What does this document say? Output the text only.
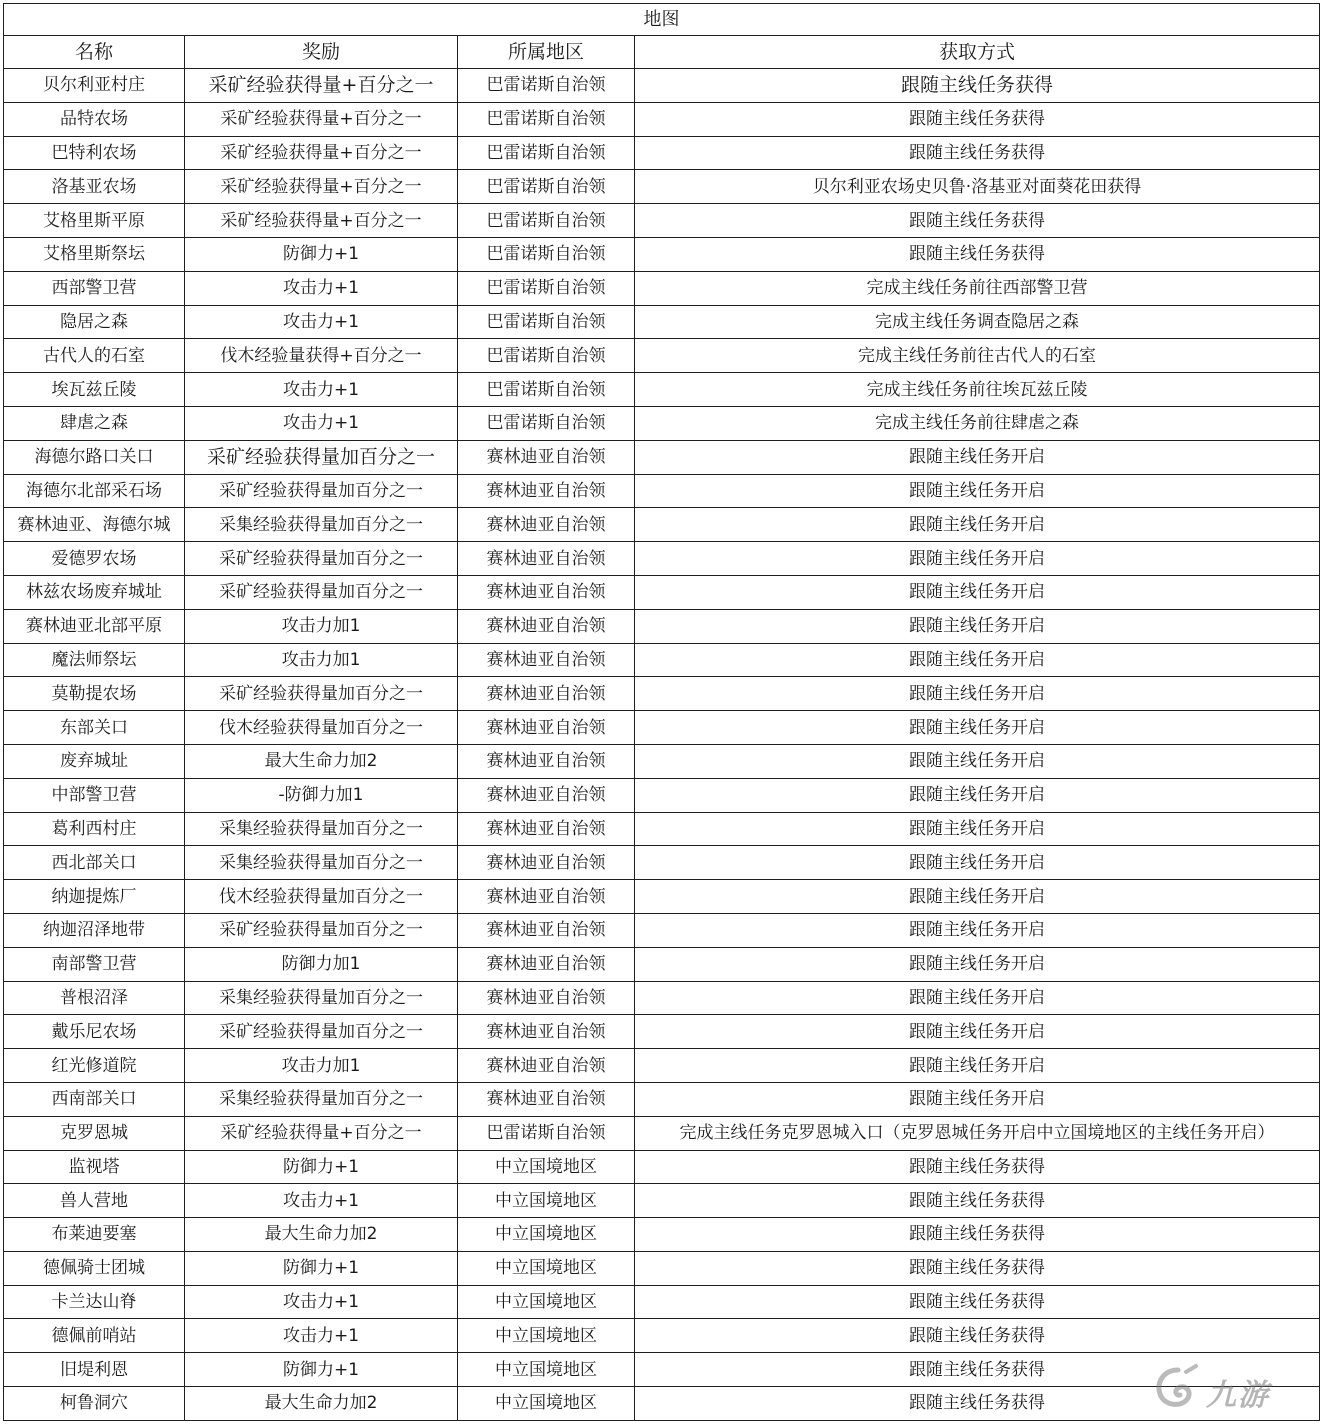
地图			
名称	奖励	所属地区	获取方式
贝尔利亚村庄	采矿经验获得量+百分之一	巴雷诺斯自治领	跟随主线任务获得
品特农场	采矿经验获得量+百分之一	巴雷诺斯自治领	跟随主线任务获得
巴特利农场	采矿经验获得量+百分之一	巴雷诺斯自治领	跟随主线任务获得
洛基亚农场	采矿经验获得量+百分之一	巴雷诺斯自治领	贝尔利亚农场史贝鲁·洛基亚对面葵花田获得
艾格里斯平原	采矿经验获得量+百分之一	巴雷诺斯自治领	跟随主线任务获得
艾格里斯祭坛	防御力+1	巴雷诺斯自治领	跟随主线任务获得
西部警卫营	攻击力+1	巴雷诺斯自治领	完成主线任务前往西部警卫营
隐居之森	攻击力+1	巴雷诺斯自治领	完成主线任务调查隐居之森
古代人的石室	伐木经验量获得+百分之一	巴雷诺斯自治领	完成主线任务前往古代人的石室
埃瓦兹丘陵	攻击力+1	巴雷诺斯自治领	完成主线任务前往埃瓦兹丘陵
肆虐之森	攻击力+1	巴雷诺斯自治领	完成主线任务前往肆虐之森
海德尔路口关口	采矿经验获得量加百分之一	赛林迪亚自治领	跟随主线任务开启
海德尔北部采石场	采矿经验获得量加百分之一	赛林迪亚自治领	跟随主线任务开启
赛林迪亚、海德尔城	采集经验获得量加百分之一	赛林迪亚自治领	跟随主线任务开启
爱德罗农场	采矿经验获得量加百分之一	赛林迪亚自治领	跟随主线任务开启
林兹农场废弃城址	采矿经验获得量加百分之一	赛林迪亚自治领	跟随主线任务开启
赛林迪亚北部平原	攻击力加1	赛林迪亚自治领	跟随主线任务开启
魔法师祭坛	攻击力加1	赛林迪亚自治领	跟随主线任务开启
莫勒提农场	采矿经验获得量加百分之一	赛林迪亚自治领	跟随主线任务开启
东部关口	伐木经验获得量加百分之一	赛林迪亚自治领	跟随主线任务开启
废弃城址	最大生命力加2	赛林迪亚自治领	跟随主线任务开启
中部警卫营	-防御力加1	赛林迪亚自治领	跟随主线任务开启
葛利西村庄	采集经验获得量加百分之一	赛林迪亚自治领	跟随主线任务开启
西北部关口	采集经验获得量加百分之一	赛林迪亚自治领	跟随主线任务开启
纳迦提炼厂	伐木经验获得量加百分之一	赛林迪亚自治领	跟随主线任务开启
纳迦沼泽地带	采矿经验获得量加百分之一	赛林迪亚自治领	跟随主线任务开启
南部警卫营	防御力加1	赛林迪亚自治领	跟随主线任务开启
普根沼泽	采集经验获得量加百分之一	赛林迪亚自治领	跟随主线任务开启
戴乐尼农场	采矿经验获得量加百分之一	赛林迪亚自治领	跟随主线任务开启
红光修道院	攻击力加1	赛林迪亚自治领	跟随主线任务开启
西南部关口	采集经验获得量加百分之一	赛林迪亚自治领	跟随主线任务开启
克罗恩城	采矿经验获得量+百分之一	巴雷诺斯自治领	完成主线任务克罗恩城入口（克罗恩城任务开启中立国境地区的主线任务开启）
监视塔	防御力+1	中立国境地区	跟随主线任务获得
兽人营地	攻击力+1	中立国境地区	跟随主线任务获得
布莱迪要塞	最大生命力加2	中立国境地区	跟随主线任务获得
德佩骑士团城	防御力+1	中立国境地区	跟随主线任务获得
卡兰达山脊	攻击力+1	中立国境地区	跟随主线任务获得
德佩前哨站	攻击力+1	中立国境地区	跟随主线任务获得
旧堤利恩	防御力+1	中立国境地区	跟随主线任务获得
柯鲁洞穴	最大生命力加2	中立国境地区	跟随主线任务获得	九游
